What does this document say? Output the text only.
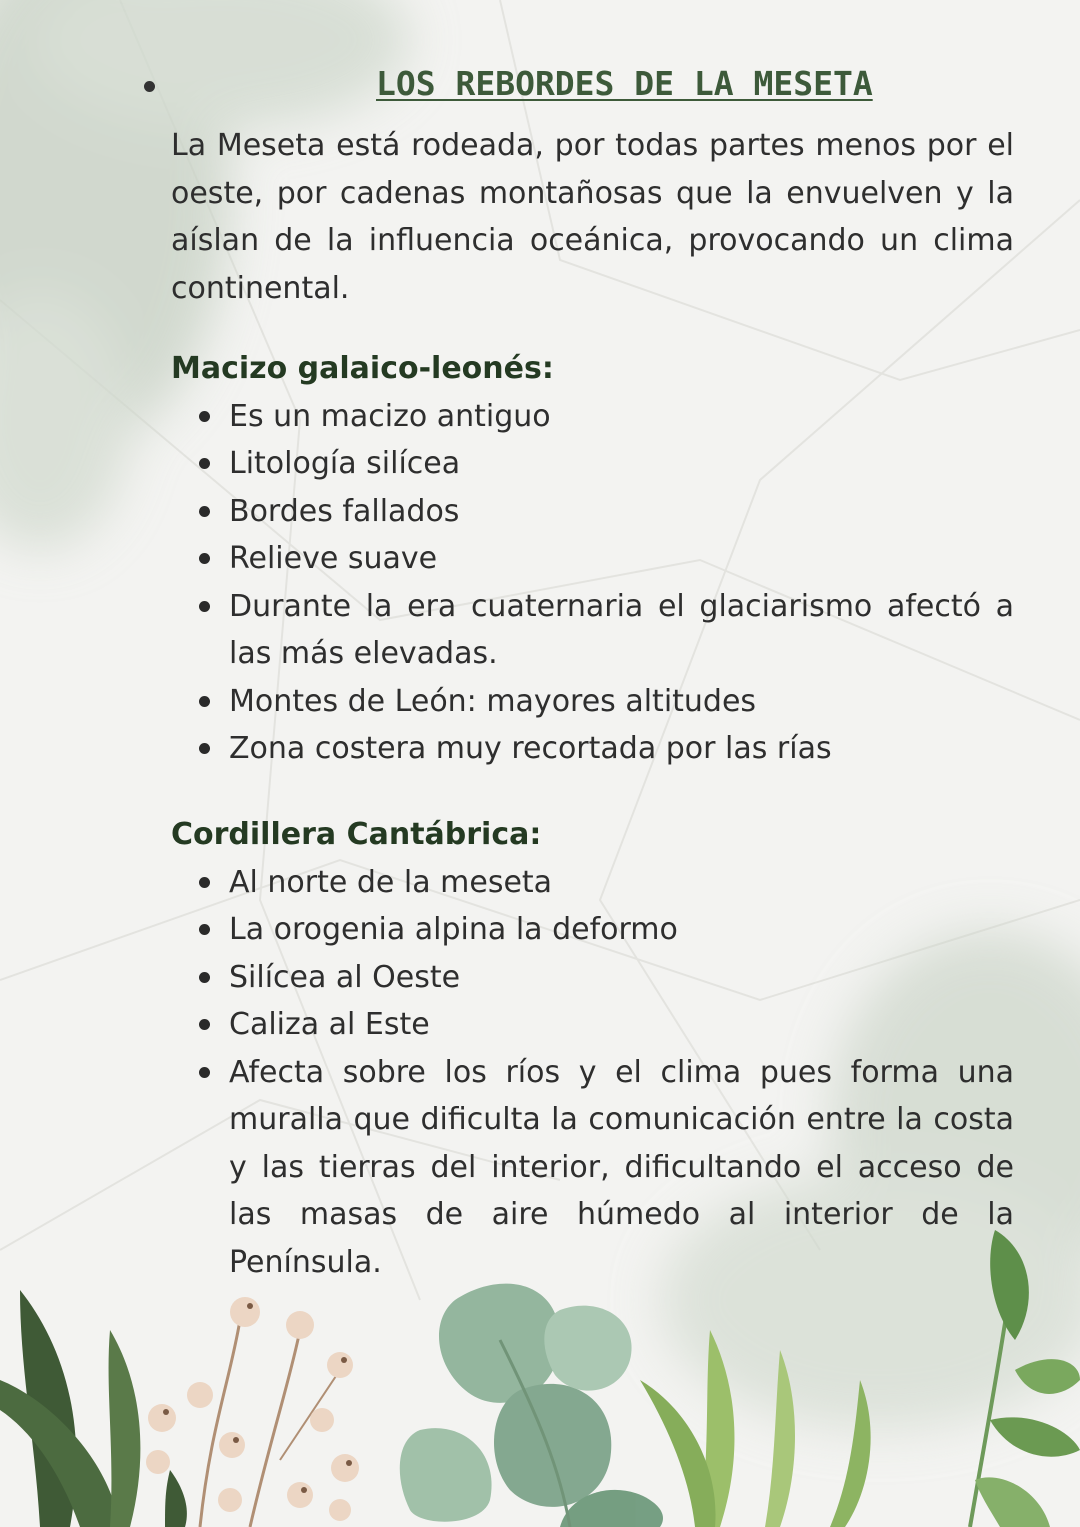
LOS REBORDES DE LA MESETA

La Meseta está rodeada, por todas partes menos por el oeste, por cadenas montañosas que la envuelven y la aíslan de la influencia oceánica, provocando un clima continental.

Macizo galaico-leonés:
Es un macizo antiguo
Litología silícea
Bordes fallados
Relieve suave
Durante la era cuaternaria el glaciarismo afectó a las más elevadas.
Montes de León: mayores altitudes
Zona costera muy recortada por las rías
Cordillera Cantábrica:
Al norte de la meseta
La orogenia alpina la deformo
Silícea al Oeste
Caliza al Este
Afecta sobre los ríos y el clima pues forma una muralla que dificulta la comunicación entre la costa y las tierras del interior, dificultando el acceso de las masas de aire húmedo al interior de la Península.
